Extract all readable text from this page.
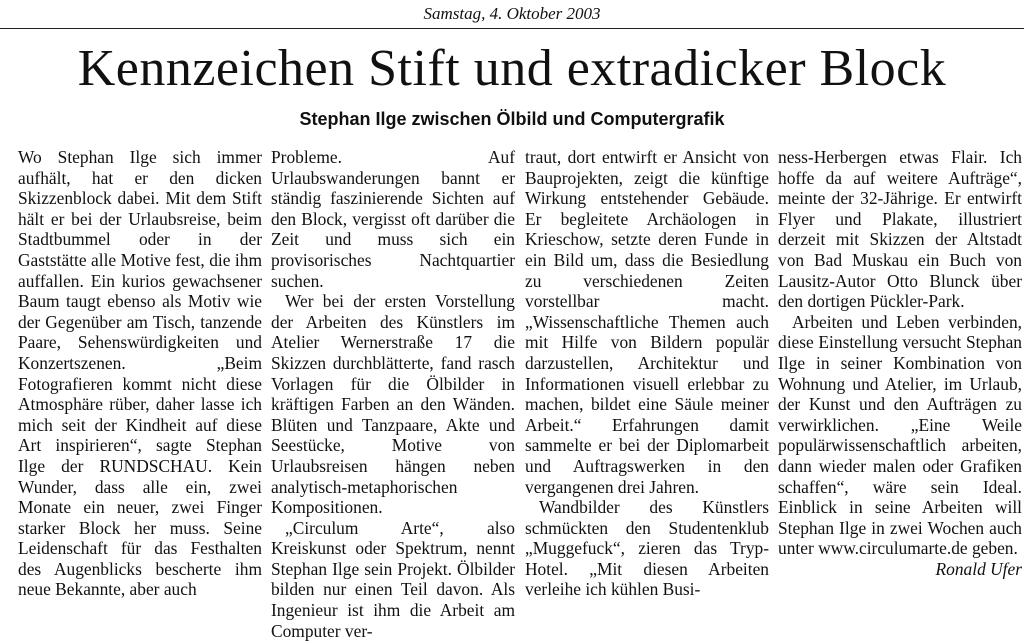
Samstag, 4. Oktober 2003
Kennzeichen Stift und extradicker Block
Stephan Ilge zwischen Ölbild und Computergrafik

Wo Stephan Ilge sich immer aufhält, hat er den dicken Skizzenblock dabei. Mit dem Stift hält er bei der Urlaubsreise, beim Stadtbummel oder in der Gaststätte alle Motive fest, die ihm auffallen. Ein kurios gewachsener Baum taugt ebenso als Motiv wie der Gegenüber am Tisch, tanzende Paare, Sehenswürdigkeiten und Konzertszenen. „Beim Fotografieren kommt nicht diese Atmosphäre rüber, daher lasse ich mich seit der Kindheit auf diese Art inspirieren“, sagte Stephan Ilge der RUNDSCHAU. Kein Wunder, dass alle ein, zwei Monate ein neuer, zwei Finger starker Block her muss. Seine Leidenschaft für das Festhalten des Augenblicks bescherte ihm neue Bekannte, aber auch

Probleme. Auf Urlaubswanderungen bannt er ständig faszinierende Sichten auf den Block, vergisst oft darüber die Zeit und muss sich ein provisorisches Nachtquartier suchen.

Wer bei der ersten Vorstellung der Arbeiten des Künstlers im Atelier Wernerstraße 17 die Skizzen durchblätterte, fand rasch Vorlagen für die Ölbilder in kräftigen Farben an den Wänden. Blüten und Tanzpaare, Akte und Seestücke, Motive von Urlaubsreisen hängen neben analytisch-metaphorischen Kompositionen.

„Circulum Arte“, also Kreiskunst oder Spektrum, nennt Stephan Ilge sein Projekt. Ölbilder bilden nur einen Teil davon. Als Ingenieur ist ihm die Arbeit am Computer ver-

traut, dort entwirft er Ansicht von Bauprojekten, zeigt die künftige Wirkung entstehender Gebäude. Er begleitete Archäologen in Krieschow, setzte deren Funde in ein Bild um, dass die Besiedlung zu verschiedenen Zeiten vorstellbar macht. „Wissenschaftliche Themen auch mit Hilfe von Bildern populär darzustellen, Architektur und Informationen visuell erlebbar zu machen, bildet eine Säule meiner Arbeit.“ Erfahrungen damit sammelte er bei der Diplomarbeit und Auftragswerken in den vergangenen drei Jahren.

Wandbilder des Künstlers schmückten den Studentenklub „Muggefuck“, zieren das Tryp-Hotel. „Mit diesen Arbeiten verleihe ich kühlen Busi-

ness-Herbergen etwas Flair. Ich hoffe da auf weitere Aufträge“, meinte der 32-Jährige. Er entwirft Flyer und Plakate, illustriert derzeit mit Skizzen der Altstadt von Bad Muskau ein Buch von Lausitz-Autor Otto Blunck über den dortigen Pückler-Park.

Arbeiten und Leben verbinden, diese Einstellung versucht Stephan Ilge in seiner Kombination von Wohnung und Atelier, im Urlaub, der Kunst und den Aufträgen zu verwirklichen. „Eine Weile populärwissenschaftlich arbeiten, dann wieder malen oder Grafiken schaffen“, wäre sein Ideal. Einblick in seine Arbeiten will Stephan Ilge in zwei Wochen auch unter www.circulumarte.de geben.
Ronald Ufer
